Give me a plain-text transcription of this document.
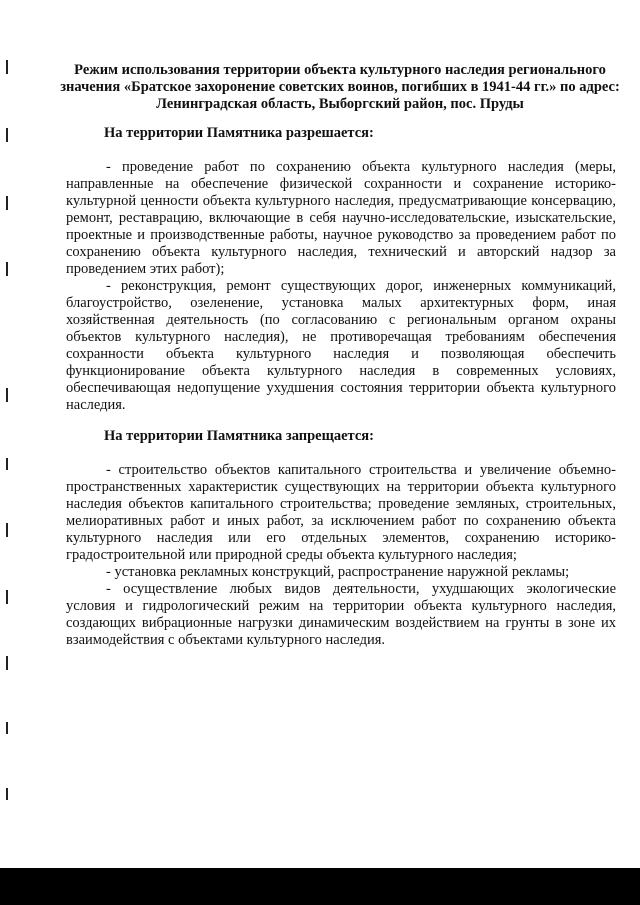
Режим использования территории объекта культурного наследия регионального значения «Братское захоронение советских воинов, погибших в 1941-44 гг.» по адрес: Ленинградская область, Выборгский район, пос. Пруды
На территории Памятника разрешается:

- проведение работ по сохранению объекта культурного наследия (меры, направленные на обеспечение физической сохранности и сохранение историко-культурной ценности объекта культурного наследия, предусматривающие консервацию, ремонт, реставрацию, включающие в себя научно-исследовательские, изыскательские, проектные и производственные работы, научное руководство за проведением работ по сохранению объекта культурного наследия, технический и авторский надзор за проведением этих работ);

- реконструкция, ремонт существующих дорог, инженерных коммуникаций, благоустройство, озеленение, установка малых архитектурных форм, иная хозяйственная деятельность (по согласованию с региональным органом охраны объектов культурного наследия), не противоречащая требованиям обеспечения сохранности объекта культурного наследия и позволяющая обеспечить функционирование объекта культурного наследия в современных условиях, обеспечивающая недопущение ухудшения состояния территории объекта культурного наследия.

На территории Памятника запрещается:

- строительство объектов капитального строительства и увеличение объемно-пространственных характеристик существующих на территории объекта культурного наследия объектов капитального строительства; проведение земляных, строительных, мелиоративных работ и иных работ, за исключением работ по сохранению объекта культурного наследия или его отдельных элементов, сохранению историко-градостроительной или природной среды объекта культурного наследия;

- установка рекламных конструкций, распространение наружной рекламы;

- осуществление любых видов деятельности, ухудшающих экологические условия и гидрологический режим на территории объекта культурного наследия, создающих вибрационные нагрузки динамическим воздействием на грунты в зоне их взаимодействия с объектами культурного наследия.
